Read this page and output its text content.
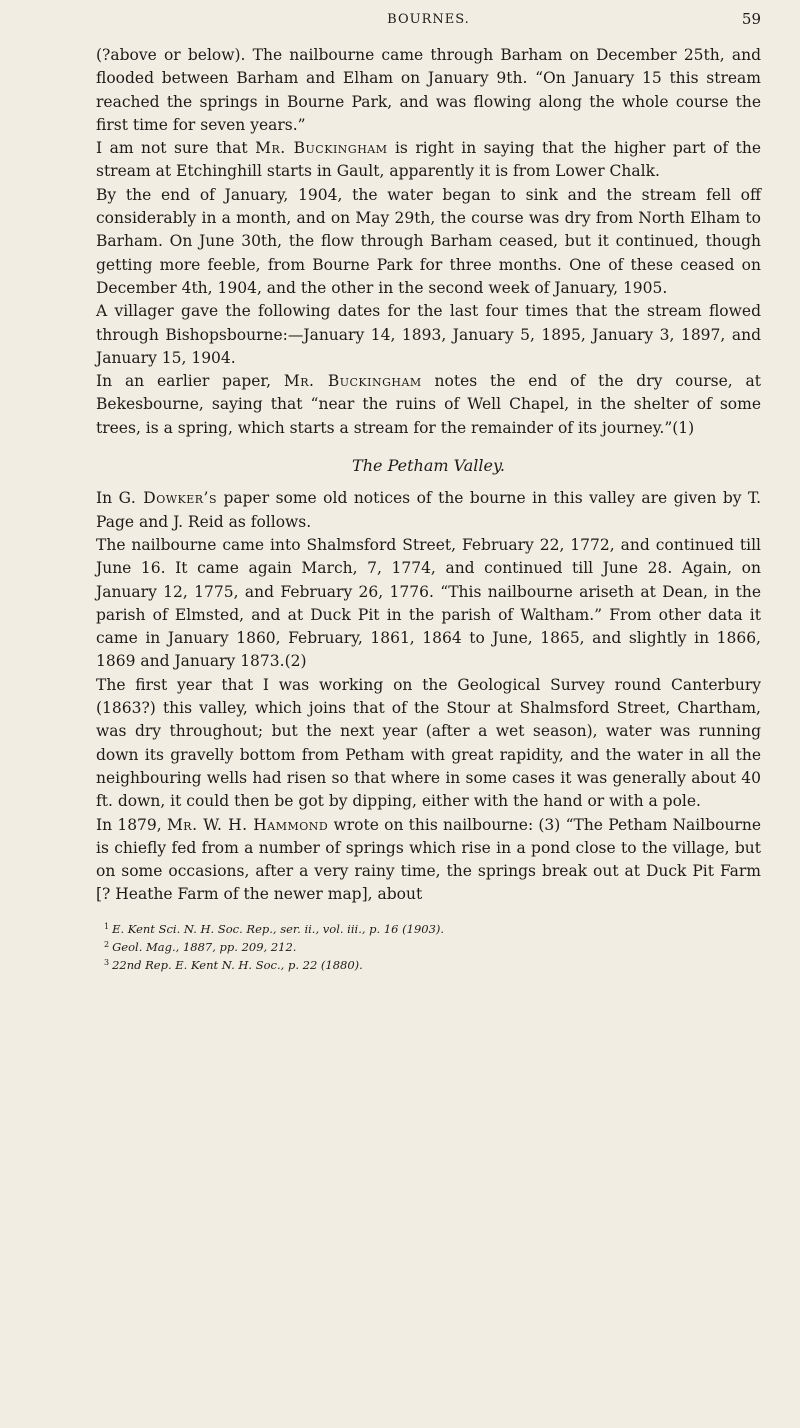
BOURNES.	59

(?above or below). The nailbourne came through Barham on December 25th, and flooded between Barham and Elham on January 9th. “On January 15 this stream reached the springs in Bourne Park, and was flowing along the whole course the first time for seven years.”

I am not sure that Mr. Buckingham is right in saying that the higher part of the stream at Etchinghill starts in Gault, apparently it is from Lower Chalk.

By the end of January, 1904, the water began to sink and the stream fell off considerably in a month, and on May 29th, the course was dry from North Elham to Barham. On June 30th, the flow through Barham ceased, but it continued, though getting more feeble, from Bourne Park for three months. One of these ceased on December 4th, 1904, and the other in the second week of January, 1905.

A villager gave the following dates for the last four times that the stream flowed through Bishopsbourne:—January 14, 1893, January 5, 1895, January 3, 1897, and January 15, 1904.

In an earlier paper, Mr. Buckingham notes the end of the dry course, at Bekesbourne, saying that “near the ruins of Well Chapel, in the shelter of some trees, is a spring, which starts a stream for the remainder of its journey.”(1)

The Petham Valley.

In G. Dowker’s paper some old notices of the bourne in this valley are given by T. Page and J. Reid as follows.

The nailbourne came into Shalmsford Street, February 22, 1772, and continued till June 16. It came again March, 7, 1774, and continued till June 28. Again, on January 12, 1775, and February 26, 1776. “This nailbourne ariseth at Dean, in the parish of Elmsted, and at Duck Pit in the parish of Waltham.” From other data it came in January 1860, February, 1861, 1864 to June, 1865, and slightly in 1866, 1869 and January 1873.(2)

The first year that I was working on the Geological Survey round Canterbury (1863?) this valley, which joins that of the Stour at Shalmsford Street, Chartham, was dry throughout; but the next year (after a wet season), water was running down its gravelly bottom from Petham with great rapidity, and the water in all the neighbouring wells had risen so that where in some cases it was generally about 40 ft. down, it could then be got by dipping, either with the hand or with a pole.

In 1879, Mr. W. H. Hammond wrote on this nailbourne: (3) “The Petham Nailbourne is chiefly fed from a number of springs which rise in a pond close to the village, but on some occasions, after a very rainy time, the springs break out at Duck Pit Farm [? Heathe Farm of the newer map], about

$^1$ E. Kent Sci. N. H. Soc. Rep., ser. ii., vol. iii., p. 16 (1903).
$^2$ Geol. Mag., 1887, pp. 209, 212.
$^3$ 22nd Rep. E. Kent N. H. Soc., p. 22 (1880).
